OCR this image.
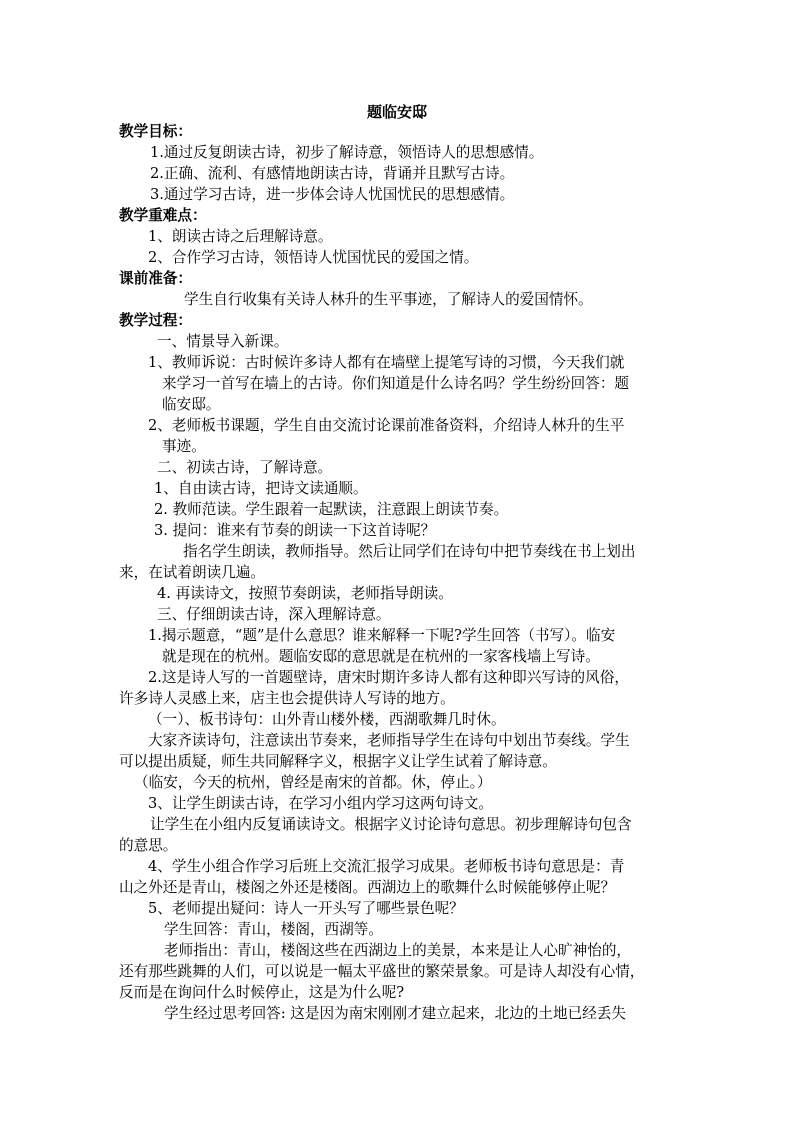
题临安邸
教学目标：
1.通过反复朗读古诗，初步了解诗意，领悟诗人的思想感情。
2.正确、流利、有感情地朗读古诗，背诵并且默写古诗。
3.通过学习古诗，进一步体会诗人忧国忧民的思想感情。
教学重难点：
1、朗读古诗之后理解诗意。
2、合作学习古诗，领悟诗人忧国忧民的爱国之情。
课前准备：
学生自行收集有关诗人林升的生平事迹，了解诗人的爱国情怀。
教学过程：
一、情景导入新课。
1、教师诉说：古时候许多诗人都有在墙壁上提笔写诗的习惯，今天我们就
来学习一首写在墙上的古诗。你们知道是什么诗名吗？学生纷纷回答：题
临安邸。
2、老师板书课题，学生自由交流讨论课前准备资料，介绍诗人林升的生平
事迹。
二、初读古诗，了解诗意。
1、自由读古诗，把诗文读通顺。
2. 教师范读。学生跟着一起默读，注意跟上朗读节奏。
3. 提问：谁来有节奏的朗读一下这首诗呢？
指名学生朗读，教师指导。然后让同学们在诗句中把节奏线在书上划出
来，在试着朗读几遍。
4. 再读诗文，按照节奏朗读，老师指导朗读。
三、仔细朗读古诗，深入理解诗意。
1.揭示题意，“题”是什么意思？谁来解释一下呢?学生回答（书写）。临安
就是现在的杭州。题临安邸的意思就是在杭州的一家客栈墙上写诗。
2.这是诗人写的一首题壁诗，唐宋时期许多诗人都有这种即兴写诗的风俗，
许多诗人灵感上来，店主也会提供诗人写诗的地方。
（一）、板书诗句：山外青山楼外楼，西湖歌舞几时休。
大家齐读诗句，注意读出节奏来，老师指导学生在诗句中划出节奏线。学生
可以提出质疑，师生共同解释字义，根据字义让学生试着了解诗意。
（临安，今天的杭州，曾经是南宋的首都。休，停止。）
3、让学生朗读古诗，在学习小组内学习这两句诗文。
让学生在小组内反复诵读诗文。根据字义讨论诗句意思。初步理解诗句包含
的意思。
4、学生小组合作学习后班上交流汇报学习成果。老师板书诗句意思是：青
山之外还是青山，楼阁之外还是楼阁。西湖边上的歌舞什么时候能够停止呢？
5、老师提出疑问：诗人一开头写了哪些景色呢？
学生回答：青山，楼阁，西湖等。
老师指出：青山，楼阁这些在西湖边上的美景，本来是让人心旷神怡的，
还有那些跳舞的人们，可以说是一幅太平盛世的繁荣景象。可是诗人却没有心情，
反而是在询问什么时候停止，这是为什么呢?
学生经过思考回答: 这是因为南宋刚刚才建立起来，北边的土地已经丢失
